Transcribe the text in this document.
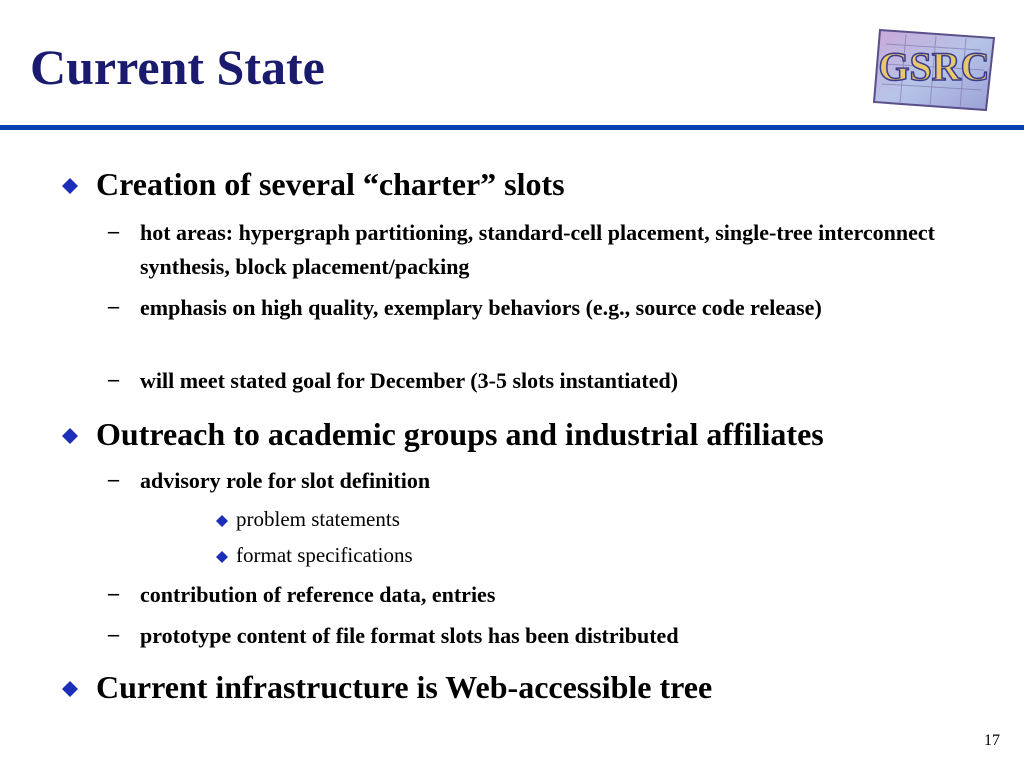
Current State	GSRC
Creation of several “charter” slots
– hot areas: hypergraph partitioning, standard-cell placement, single-tree interconnect synthesis, block placement/packing
– emphasis on high quality, exemplary behaviors (e.g., source code release)
– will meet stated goal for December (3-5 slots instantiated)
Outreach to academic groups and industrial affiliates
– advisory role for slot definition
problem statements
format specifications
– contribution of reference data, entries
– prototype content of file format slots has been distributed
Current infrastructure is Web-accessible tree
17
